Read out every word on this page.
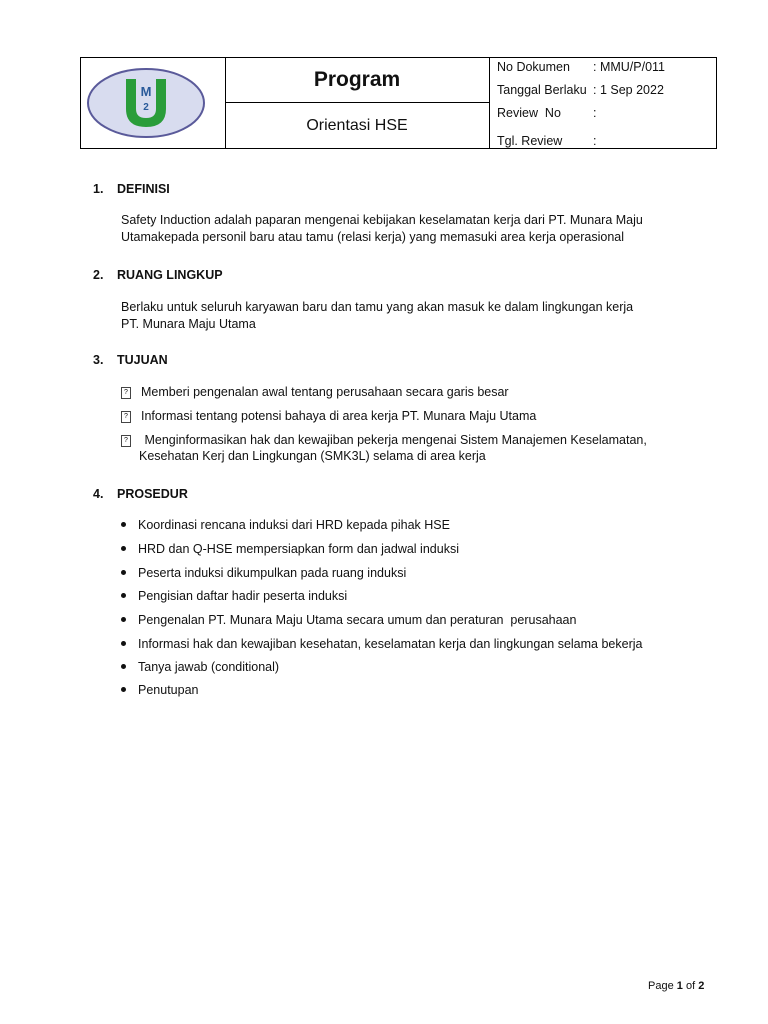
M
2
Program
Orientasi HSE
No Dokumen : MMU/P/011
Tanggal Berlaku : 1 Sep 2022
Review  No	:
Tgl. Review :
1. DEFINISI
Safety Induction adalah paparan mengenai kebijakan keselamatan kerja dari PT. Munara Maju
Utamakepada personil baru atau tamu (relasi kerja) yang memasuki area kerja operasional
2. RUANG LINGKUP
Berlaku untuk seluruh karyawan baru dan tamu yang akan masuk ke dalam lingkungan kerja
PT. Munara Maju Utama
3. TUJUAN
? Memberi pengenalan awal tentang perusahaan secara garis besar
? Informasi tentang potensi bahaya di area kerja PT. Munara Maju Utama
? Menginformasikan hak dan kewajiban pekerja mengenai Sistem Manajemen Keselamatan,
Kesehatan Kerj dan Lingkungan (SMK3L) selama di area kerja
4. PROSEDUR
Koordinasi rencana induksi dari HRD kepada pihak HSE
HRD dan Q-HSE mempersiapkan form dan jadwal induksi
Peserta induksi dikumpulkan pada ruang induksi
Pengisian daftar hadir peserta induksi
Pengenalan PT. Munara Maju Utama secara umum dan peraturan  perusahaan
Informasi hak dan kewajiban kesehatan, keselamatan kerja dan lingkungan selama bekerja
Tanya jawab (conditional)
Penutupan
Page 1 of 2
